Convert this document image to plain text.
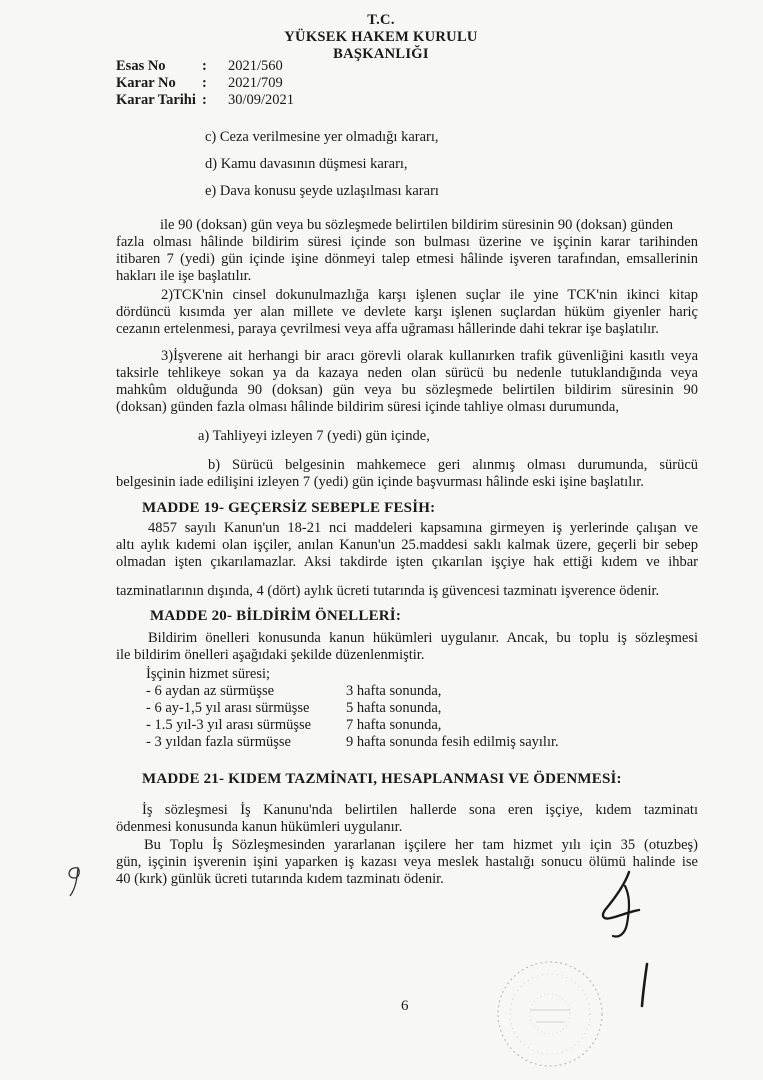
T.C.
YÜKSEK HAKEM KURULU
BAŞKANLIĞI
Esas No	: 2021/560
Karar No : 2021/709
Karar Tarihi : 30/09/2021
c) Ceza verilmesine yer olmadığı kararı,
d) Kamu davasının düşmesi kararı,
e) Dava konusu şeyde uzlaşılması kararı
ile 90 (doksan) gün veya bu sözleşmede belirtilen bildirim süresinin 90 (doksan) günden
fazla olması hâlinde bildirim süresi içinde son bulması üzerine ve işçinin karar tarihinden
itibaren 7 (yedi) gün içinde işine dönmeyi talep etmesi hâlinde işveren tarafından, emsallerinin
hakları ile işe başlatılır.
2)TCK'nin cinsel dokunulmazlığa karşı işlenen suçlar ile yine TCK'nin ikinci kitap
dördüncü kısımda yer alan millete ve devlete karşı işlenen suçlardan hüküm giyenler hariç
cezanın ertelenmesi, paraya çevrilmesi veya affa uğraması hâllerinde dahi tekrar işe başlatılır.
3)İşverene ait herhangi bir aracı görevli olarak kullanırken trafik güvenliğini kasıtlı veya
taksirle tehlikeye sokan ya da kazaya neden olan sürücü bu nedenle tutuklandığında veya
mahkûm olduğunda 90 (doksan) gün veya bu sözleşmede belirtilen bildirim süresinin 90
(doksan) günden fazla olması hâlinde bildirim süresi içinde tahliye olması durumunda,
a) Tahliyeyi izleyen 7 (yedi) gün içinde,
b) Sürücü belgesinin mahkemece geri alınmış olması durumunda, sürücü
belgesinin iade edilişini izleyen 7 (yedi) gün içinde başvurması hâlinde eski işine başlatılır.
MADDE 19- GEÇERSİZ SEBEPLE FESİH:
4857 sayılı Kanun'un 18-21 nci maddeleri kapsamına girmeyen iş yerlerinde çalışan ve
altı aylık kıdemi olan işçiler, anılan Kanun'un 25.maddesi saklı kalmak üzere, geçerli bir sebep
olmadan işten çıkarılamazlar. Aksi takdirde işten çıkarılan işçiye hak ettiği kıdem ve ihbar
tazminatlarının dışında, 4 (dört) aylık ücreti tutarında iş güvencesi tazminatı işverence ödenir.
MADDE 20- BİLDİRİM ÖNELLERİ:
Bildirim önelleri konusunda kanun hükümleri uygulanır. Ancak, bu toplu iş sözleşmesi
ile bildirim önelleri aşağıdaki şekilde düzenlenmiştir.
İşçinin hizmet süresi;
- 6 aydan az sürmüşse	3 hafta sonunda,
- 6 ay-1,5 yıl arası sürmüşse	5 hafta sonunda,
- 1.5 yıl-3 yıl arası sürmüşse 7 hafta sonunda,
- 3 yıldan fazla sürmüşse	9 hafta sonunda fesih edilmiş sayılır.
MADDE 21- KIDEM TAZMİNATI, HESAPLANMASI VE ÖDENMESİ:
İş sözleşmesi İş Kanunu'nda belirtilen hallerde sona eren işçiye, kıdem tazminatı
ödenmesi konusunda kanun hükümleri uygulanır.
Bu Toplu İş Sözleşmesinden yararlanan işçilere her tam hizmet yılı için 35 (otuzbeş)
gün, işçinin işverenin işini yaparken iş kazası veya meslek hastalığı sonucu ölümü halinde ise
40 (kırk) günlük ücreti tutarında kıdem tazminatı ödenir.
6
